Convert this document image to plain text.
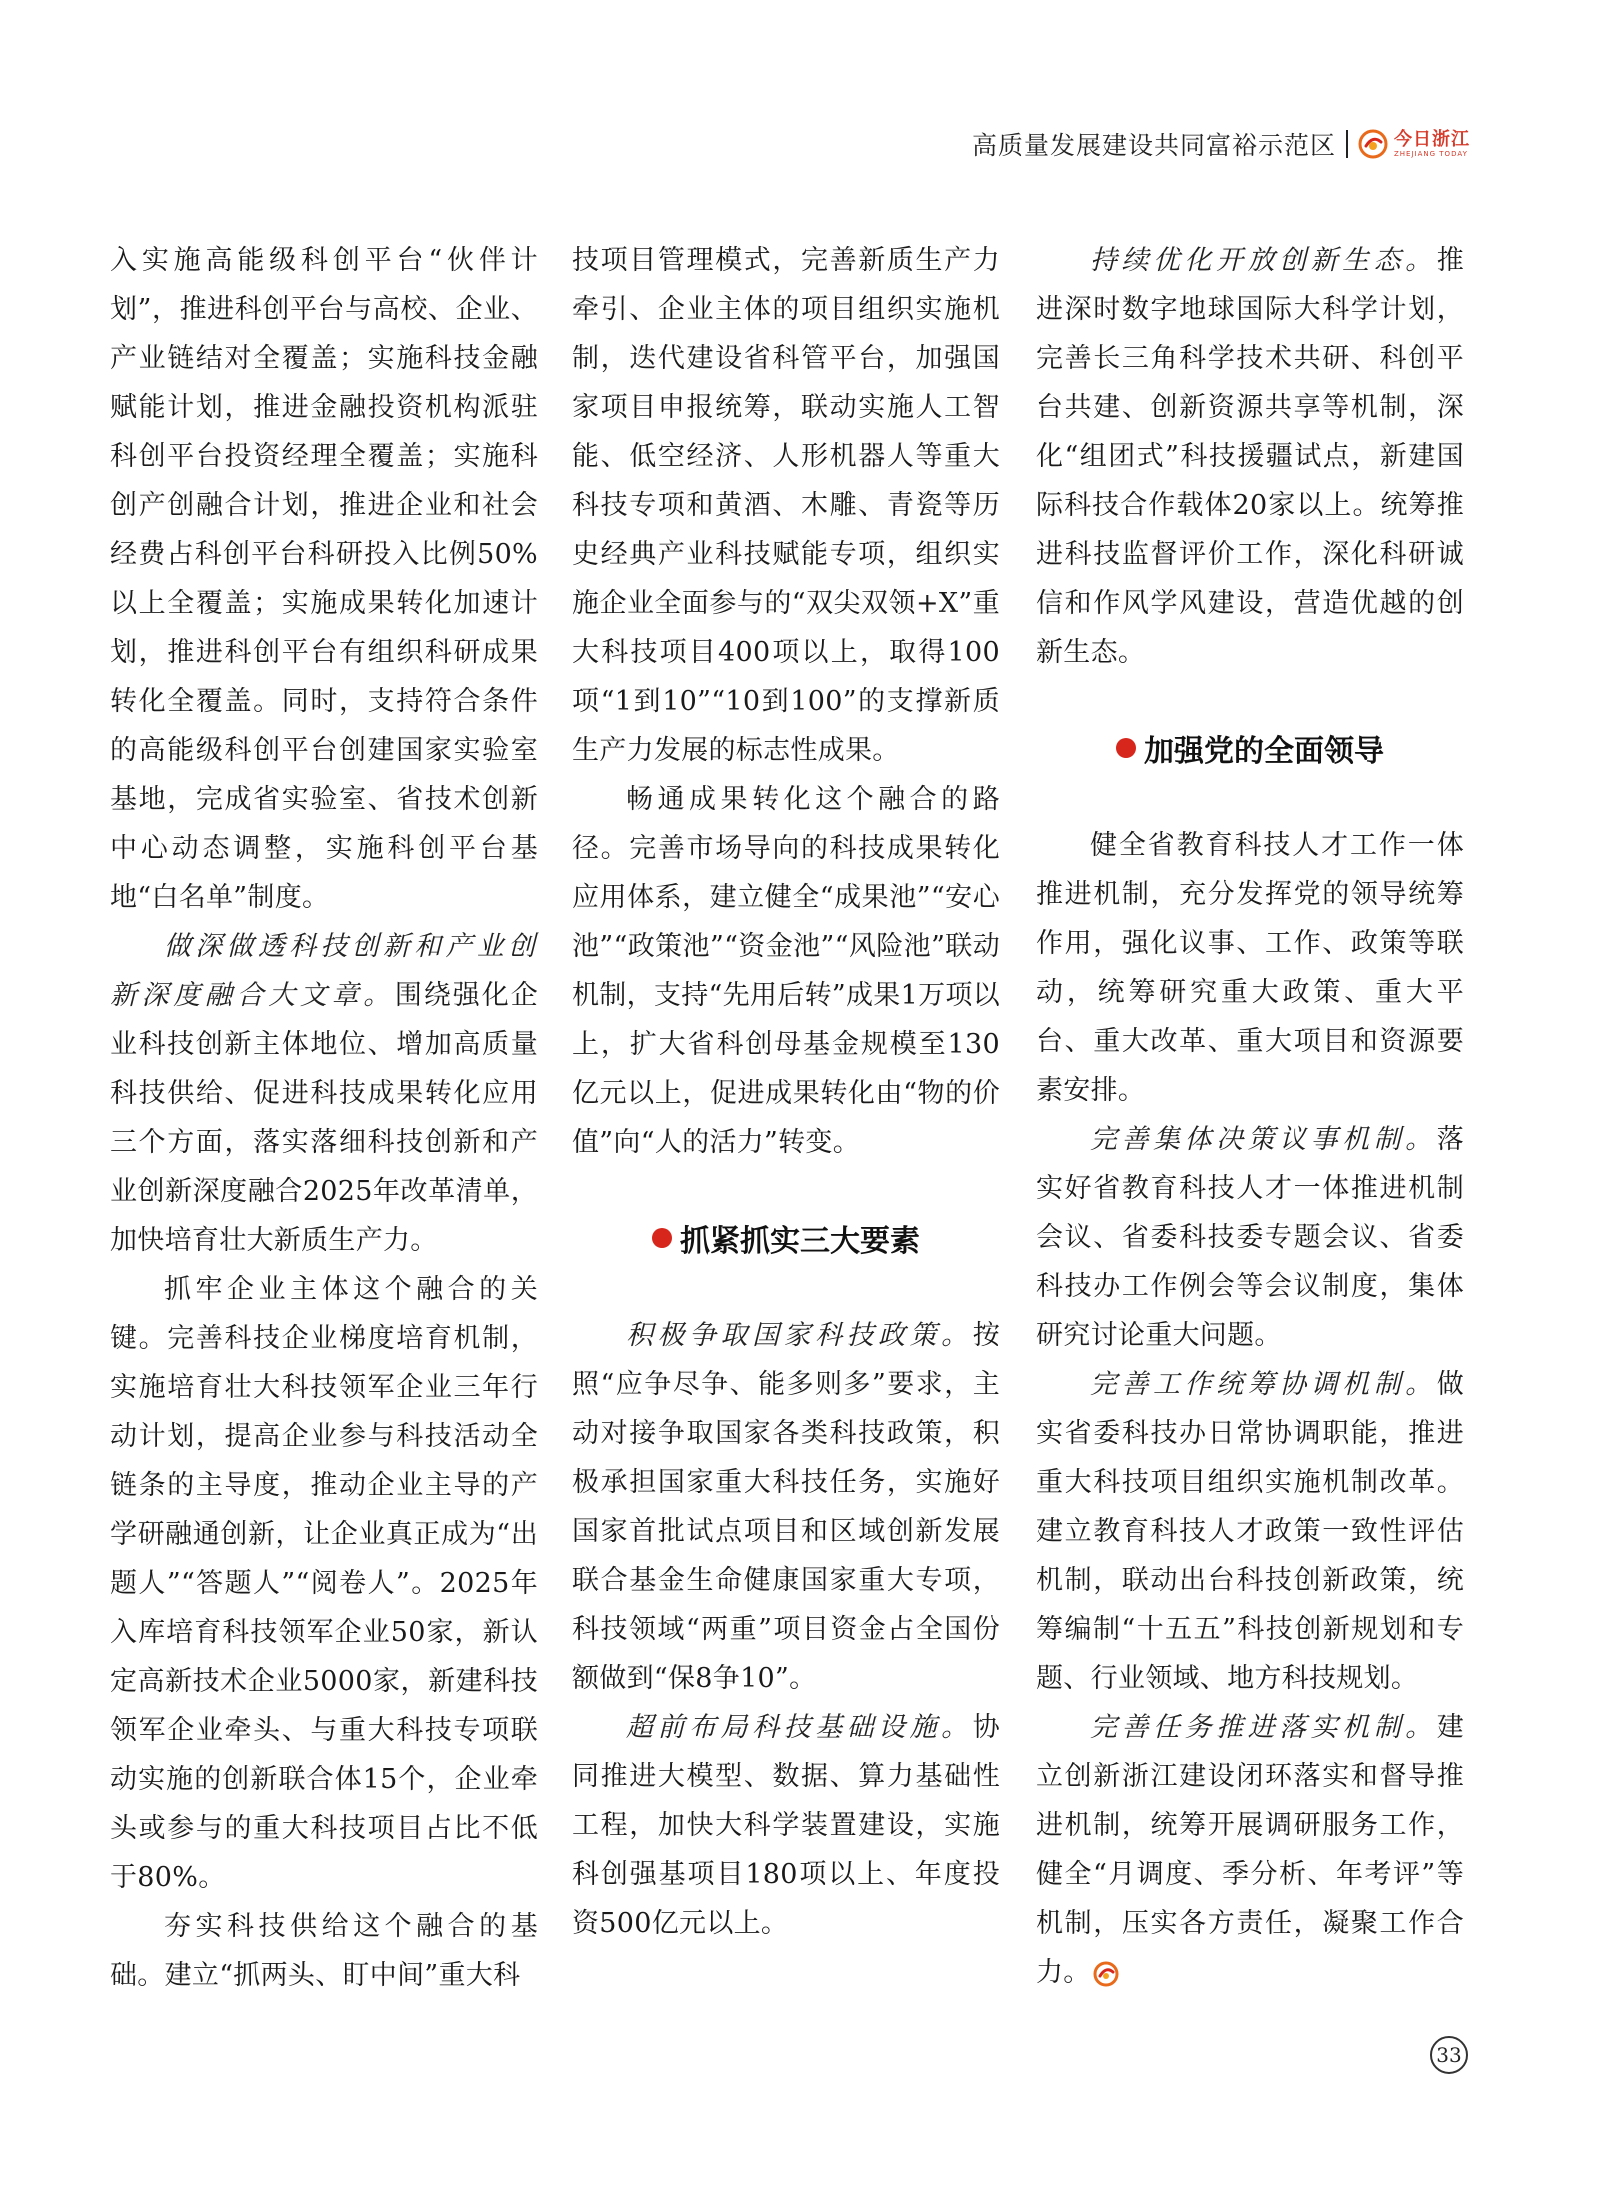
高质量发展建设共同富裕示范区	今日浙江
ZHEJIANG TODAY

入实施高能级科创平台“伙伴计划”，推进科创平台与高校、企业、产业链结对全覆盖；实施科技金融赋能计划，推进金融投资机构派驻科创平台投资经理全覆盖；实施科创产创融合计划，推进企业和社会经费占科创平台科研投入比例50%以上全覆盖；实施成果转化加速计划，推进科创平台有组织科研成果转化全覆盖。同时，支持符合条件的高能级科创平台创建国家实验室基地，完成省实验室、省技术创新中心动态调整，实施科创平台基地“白名单”制度。

做深做透科技创新和产业创新深度融合大文章。围绕强化企业科技创新主体地位、增加高质量科技供给、促进科技成果转化应用三个方面，落实落细科技创新和产业创新深度融合2025年改革清单，加快培育壮大新质生产力。

抓牢企业主体这个融合的关键。完善科技企业梯度培育机制，实施培育壮大科技领军企业三年行动计划，提高企业参与科技活动全链条的主导度，推动企业主导的产学研融通创新，让企业真正成为“出题人”“答题人”“阅卷人”。2025年入库培育科技领军企业50家，新认定高新技术企业5000家，新建科技领军企业牵头、与重大科技专项联动实施的创新联合体15个，企业牵头或参与的重大科技项目占比不低于80%。

夯实科技供给这个融合的基础。建立“抓两头、盯中间”重大科

技项目管理模式，完善新质生产力牵引、企业主体的项目组织实施机制，迭代建设省科管平台，加强国家项目申报统筹，联动实施人工智能、低空经济、人形机器人等重大科技专项和黄酒、木雕、青瓷等历史经典产业科技赋能专项，组织实施企业全面参与的“双尖双领+X”重大科技项目400项以上，取得100项“1到10”“10到100”的支撑新质生产力发展的标志性成果。

畅通成果转化这个融合的路径。完善市场导向的科技成果转化应用体系，建立健全“成果池”“安心池”“政策池”“资金池”“风险池”联动机制，支持“先用后转”成果1万项以上，扩大省科创母基金规模至130亿元以上，促进成果转化由“物的价值”向“人的活力”转变。

抓紧抓实三大要素

积极争取国家科技政策。按照“应争尽争、能多则多”要求，主动对接争取国家各类科技政策，积极承担国家重大科技任务，实施好国家首批试点项目和区域创新发展联合基金生命健康国家重大专项，科技领域“两重”项目资金占全国份额做到“保8争10”。

超前布局科技基础设施。协同推进大模型、数据、算力基础性工程，加快大科学装置建设，实施科创强基项目180项以上、年度投资500亿元以上。

持续优化开放创新生态。推进深时数字地球国际大科学计划，完善长三角科学技术共研、科创平台共建、创新资源共享等机制，深化“组团式”科技援疆试点，新建国际科技合作载体20家以上。统筹推进科技监督评价工作，深化科研诚信和作风学风建设，营造优越的创新生态。

加强党的全面领导

健全省教育科技人才工作一体推进机制，充分发挥党的领导统筹作用，强化议事、工作、政策等联动，统筹研究重大政策、重大平台、重大改革、重大项目和资源要素安排。

完善集体决策议事机制。落实好省教育科技人才一体推进机制会议、省委科技委专题会议、省委科技办工作例会等会议制度，集体研究讨论重大问题。

完善工作统筹协调机制。做实省委科技办日常协调职能，推进重大科技项目组织实施机制改革。建立教育科技人才政策一致性评估机制，联动出台科技创新政策，统筹编制“十五五”科技创新规划和专题、行业领域、地方科技规划。

完善任务推进落实机制。建立创新浙江建设闭环落实和督导推进机制，统筹开展调研服务工作，健全“月调度、季分析、年考评”等机制，压实各方责任，凝聚工作合力。

33
